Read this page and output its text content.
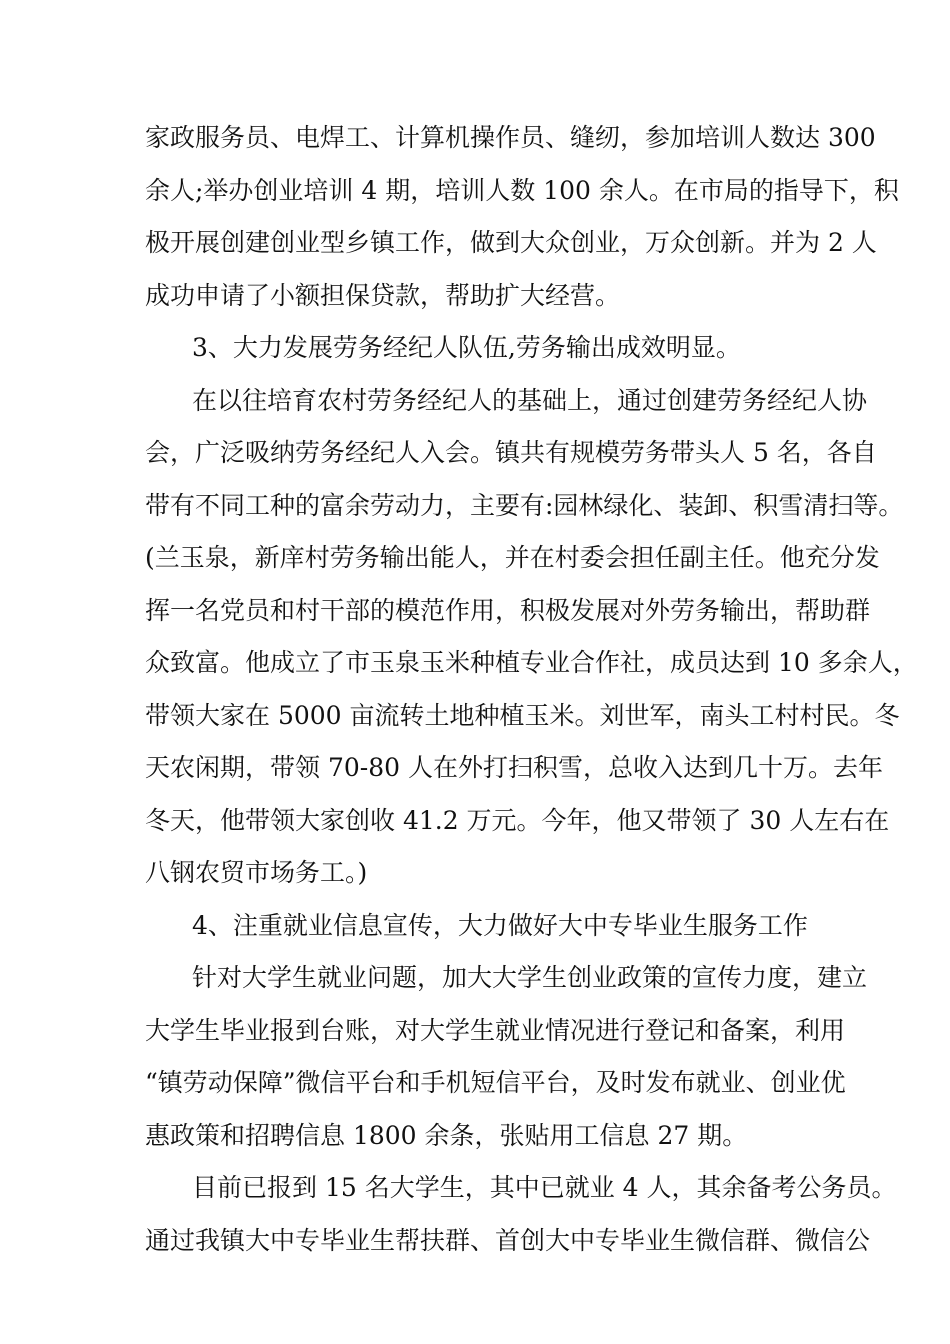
家政服务员、电焊工、计算机操作员、缝纫，参加培训人数达 300
余人;举办创业培训 4 期，培训人数 100 余人。在市局的指导下，积
极开展创建创业型乡镇工作，做到大众创业，万众创新。并为 2 人
成功申请了小额担保贷款，帮助扩大经营。
3、大力发展劳务经纪人队伍,劳务输出成效明显。
在以往培育农村劳务经纪人的基础上，通过创建劳务经纪人协
会，广泛吸纳劳务经纪人入会。镇共有规模劳务带头人 5 名，各自
带有不同工种的富余劳动力，主要有:园林绿化、装卸、积雪清扫等。
(兰玉泉，新庠村劳务输出能人，并在村委会担任副主任。他充分发
挥一名党员和村干部的模范作用，积极发展对外劳务输出，帮助群
众致富。他成立了市玉泉玉米种植专业合作社，成员达到 10 多余人，
带领大家在 5000 亩流转土地种植玉米。刘世军，南头工村村民。冬
天农闲期，带领 70-80 人在外打扫积雪，总收入达到几十万。去年
冬天，他带领大家创收 41.2 万元。今年，他又带领了 30 人左右在
八钢农贸市场务工。)
4、注重就业信息宣传，大力做好大中专毕业生服务工作
针对大学生就业问题，加大大学生创业政策的宣传力度，建立
大学生毕业报到台账，对大学生就业情况进行登记和备案，利用
“镇劳动保障”微信平台和手机短信平台，及时发布就业、创业优
惠政策和招聘信息 1800 余条，张贴用工信息 27 期。
目前已报到 15 名大学生，其中已就业 4 人，其余备考公务员。
通过我镇大中专毕业生帮扶群、首创大中专毕业生微信群、微信公
